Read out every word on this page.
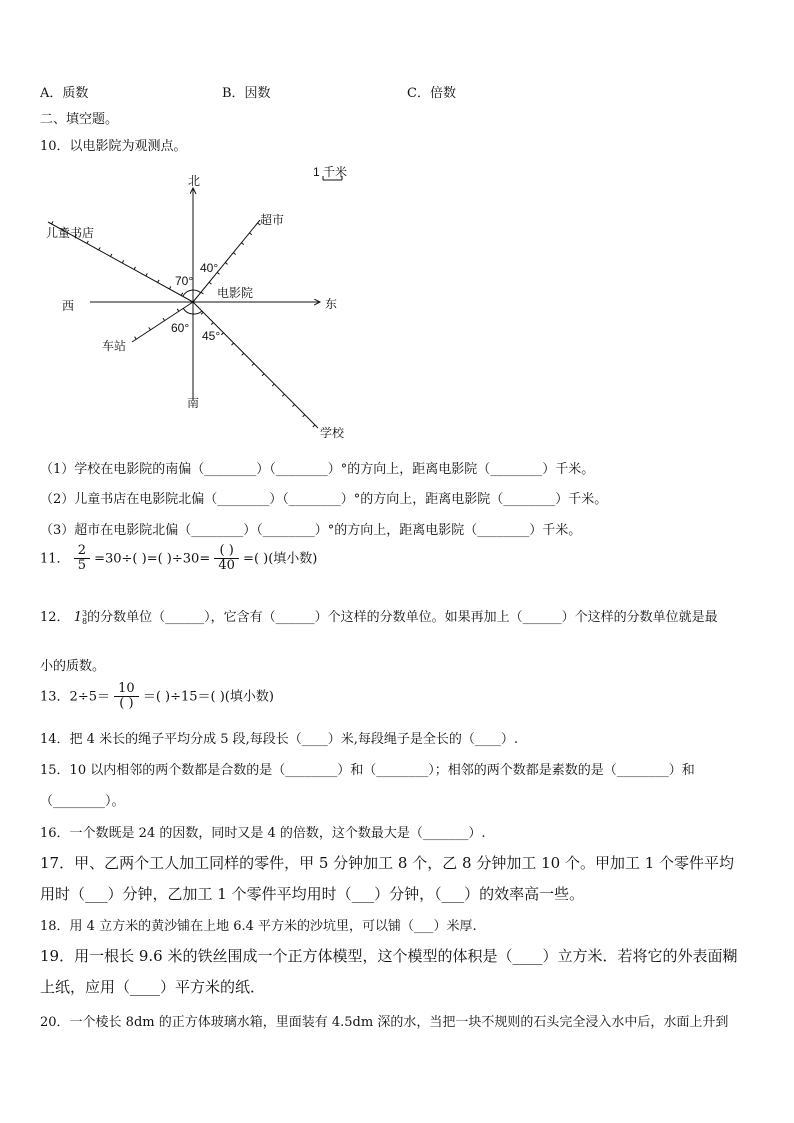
A．质数	B．因数	C．倍数
二、填空题。
10．以电影院为观测点。
北
南
东
西
电影院
儿童书店
超市
车站
学校
1 千米
40°
70°
60°
45°
（1）学校在电影院的南偏（________）（________）°的方向上，距离电影院（________）千米。
（2）儿童书店在电影院北偏（________）（________）°的方向上，距离电影院（________）千米。
（3）超市在电影院北偏（________）（________）°的方向上，距离电影院（________）千米。
11． $\frac{2}{5} =30\div$( )=( )$\div 30= \frac{( )}{40}$ =( )(填小数)
12． 1 3
8 的分数单位（______），它含有（______）个这样的分数单位。如果再加上（______）个这样的分数单位就是最
小的质数。
13．$2\div 5= \frac{10}{( )}$ ＝( )÷15＝( )(填小数)
14．把 4 米长的绳子平均分成 5 段,每段长（____）米,每段绳子是全长的（____）.
15．10 以内相邻的两个数都是合数的是（________）和（________）；相邻的两个数都是素数的是（________）和
（________）。
16．一个数既是 24 的因数，同时又是 4 的倍数，这个数最大是（_______）.
17．甲、乙两个工人加工同样的零件，甲 5 分钟加工 8 个，乙 8 分钟加工 10 个。甲加工 1 个零件平均
用时（___）分钟，乙加工 1 个零件平均用时（___）分钟，（___）的效率高一些。
18．用 4 立方米的黄沙铺在上地 6.4 平方米的沙坑里，可以铺（___）米厚.
19．用一根长 9.6 米的铁丝围成一个正方体模型，这个模型的体积是（____）立方米．若将它的外表面糊
上纸，应用（____）平方米的纸．
20．一个棱长 8dm 的正方体玻璃水箱，里面装有 4.5dm 深的水，当把一块不规则的石头完全浸入水中后，水面上升到
